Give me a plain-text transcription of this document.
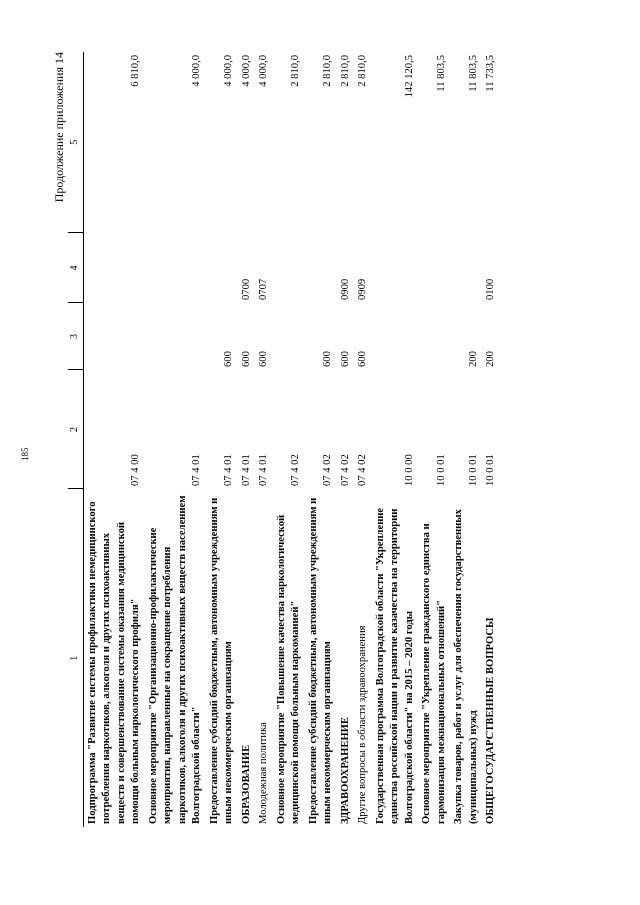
185
Продолжение приложения 14
1	2	3	4	5
Подпрограмма "Развитие системы профилактики немедицинского потребления наркотиков, алкоголя и других психоактивных веществ и совершенствование системы оказания медицинской помощи больным наркологического профиля"	07 4 00			6 810,0
Основное мероприятие "Организационно-профилактические мероприятия, направленные на сокращение потребления наркотиков, алкоголя и других психоактивных веществ населением Волгоградской области"	07 4 01			4 000,0
Предоставление субсидий бюджетным, автономным учреждениям и иным некоммерческим организациям	07 4 01	600		4 000,0
ОБРАЗОВАНИЕ	07 4 01	600	0700	4 000,0
Молодежная политика	07 4 01	600	0707	4 000,0
Основное мероприятие "Повышение качества наркологической медицинской помощи больным наркоманией"	07 4 02			2 810,0
Предоставление субсидий бюджетным, автономным учреждениям и иным некоммерческим организациям	07 4 02	600		2 810,0
ЗДРАВООХРАНЕНИЕ	07 4 02	600	0900	2 810,0
Другие вопросы в области здравоохранения	07 4 02	600	0909	2 810,0
Государственная программа Волгоградской области "Укрепление единства российской нации и развитие казачества на территории Волгоградской области" на 2015 – 2020 годы	10 0 00			142 120,5
Основное мероприятие "Укрепление гражданского единства и гармонизация межнациональных отношений"	10 0 01			11 803,5
Закупка товаров, работ и услуг для обеспечения государственных (муниципальных) нужд	10 0 01	200		11 803,5
ОБЩЕГОСУДАРСТВЕННЫЕ ВОПРОСЫ	10 0 01	200	0100	11 733,5
